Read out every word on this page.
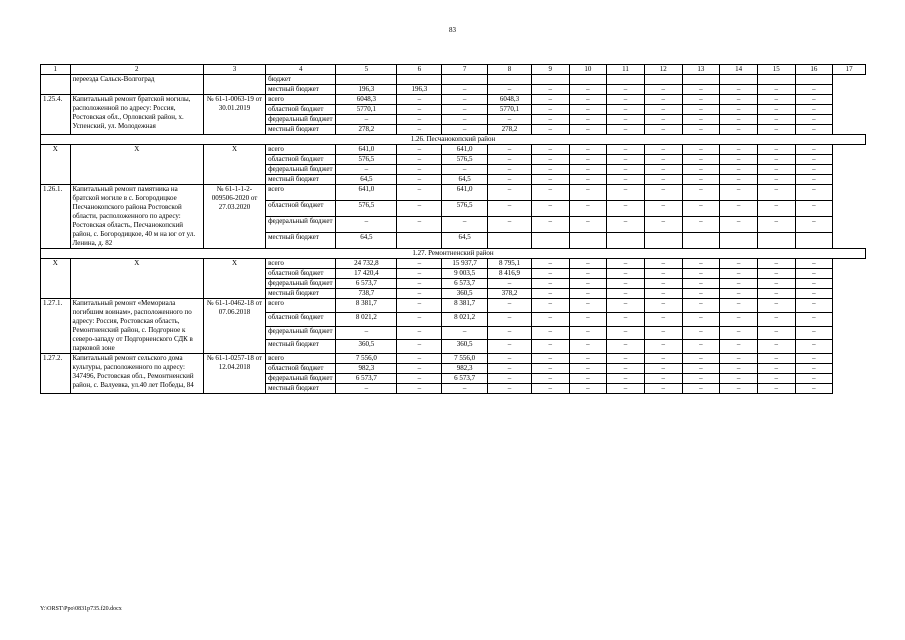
83
1	2	3	4	5	6	7	8	9	10	11	12	13	14	15	16	17
	переезда Сальск-Волгоград		бюджет													
			местный бюджет	196,3	196,3	–	–	–	–	–	–	–	–	–	–	
1.25.4.	Капитальный ремонт братской могилы, расположенной по адресу: Россия, Ростовская обл., Орловский район, х. Успенский, ул. Молодежная	№ 61-1-0063-19 от 30.01.2019	всего	6048,3	–	–	6048,3	–	–	–	–	–	–	–	–	
			областной бюджет	5770,1	–	–	5770,1	–	–	–	–	–	–	–	–	
			федеральный бюджет	–	–	–	–	–	–	–	–	–	–	–	–	
			местный бюджет	278,2	–	–	278,2	–	–	–	–	–	–	–	–	
1.26. Песчанокопский район																
Х	Х	Х	всего	641,0	–	641,0	–	–	–	–	–	–	–	–	–	
			областной бюджет	576,5	–	576,5	–	–	–	–	–	–	–	–	–	
			федеральный бюджет	–	–	–	–	–	–	–	–	–	–	–	–	
			местный бюджет	64,5	–	64,5	–	–	–	–	–	–	–	–	–	
1.26.1.	Капитальный ремонт памятника на братской могиле в с. Богородицкое Песчанокопского района Ростовской области, расположенного по адресу: Ростовская область, Песчанокопский район, с. Богородицкое, 40 м на юг от ул. Ленина, д. 82	№ 61-1-1-2-009506-2020 от 27.03.2020	всего	641,0	–	641,0	–	–	–	–	–	–	–	–	–	
			областной бюджет	576,5	–	576,5	–	–	–	–	–	–	–	–	–	
			федеральный бюджет	–	–	–	–	–	–	–	–	–	–	–	–	
			местный бюджет	64,5		64,5										
1.27. Ремонтненский район																
Х	Х	Х	всего	24 732,8	–	15 937,7	8 795,1	–	–	–	–	–	–	–	–	
			областной бюджет	17 420,4	–	9 003,5	8 416,9	–	–	–	–	–	–	–	–	
			федеральный бюджет	6 573,7	–	6 573,7	–	–	–	–	–	–	–	–	–	
			местный бюджет	738,7	–	360,5	378,2	–	–	–	–	–	–	–	–	
1.27.1.	Капитальный ремонт «Мемориала погибшим воинам», расположенного по адресу: Россия, Ростовская область, Ремонтненский район, с. Подгорное к северо-западу от Подгорненского СДК в парковой зоне	№ 61-1-0462-18 от 07.06.2018	всего	8 381,7	–	8 381,7	–	–	–	–	–	–	–	–	–	
			областной бюджет	8 021,2	–	8 021,2	–	–	–	–	–	–	–	–	–	
			федеральный бюджет	–	–	–	–	–	–	–	–	–	–	–	–	
			местный бюджет	360,5	–	360,5	–	–	–	–	–	–	–	–	–	
1.27.2.	Капитальный ремонт сельского дома культуры, расположенного по адресу: 347496, Ростовская обл., Ремонтненский район, с. Валуевка, ул.40 лет Победы, 84	№ 61-1-0257-18 от 12.04.2018	всего	7 556,0	–	7 556,0	–	–	–	–	–	–	–	–	–	
			областной бюджет	982,3	–	982,3	–	–	–	–	–	–	–	–	–	
			федеральный бюджет	6 573,7	–	6 573,7	–	–	–	–	–	–	–	–	–	
			местный бюджет	–	–	–	–	–	–	–	–	–	–	–	–	
Y:\ORST\Ppo\0831p735.f20.docx
